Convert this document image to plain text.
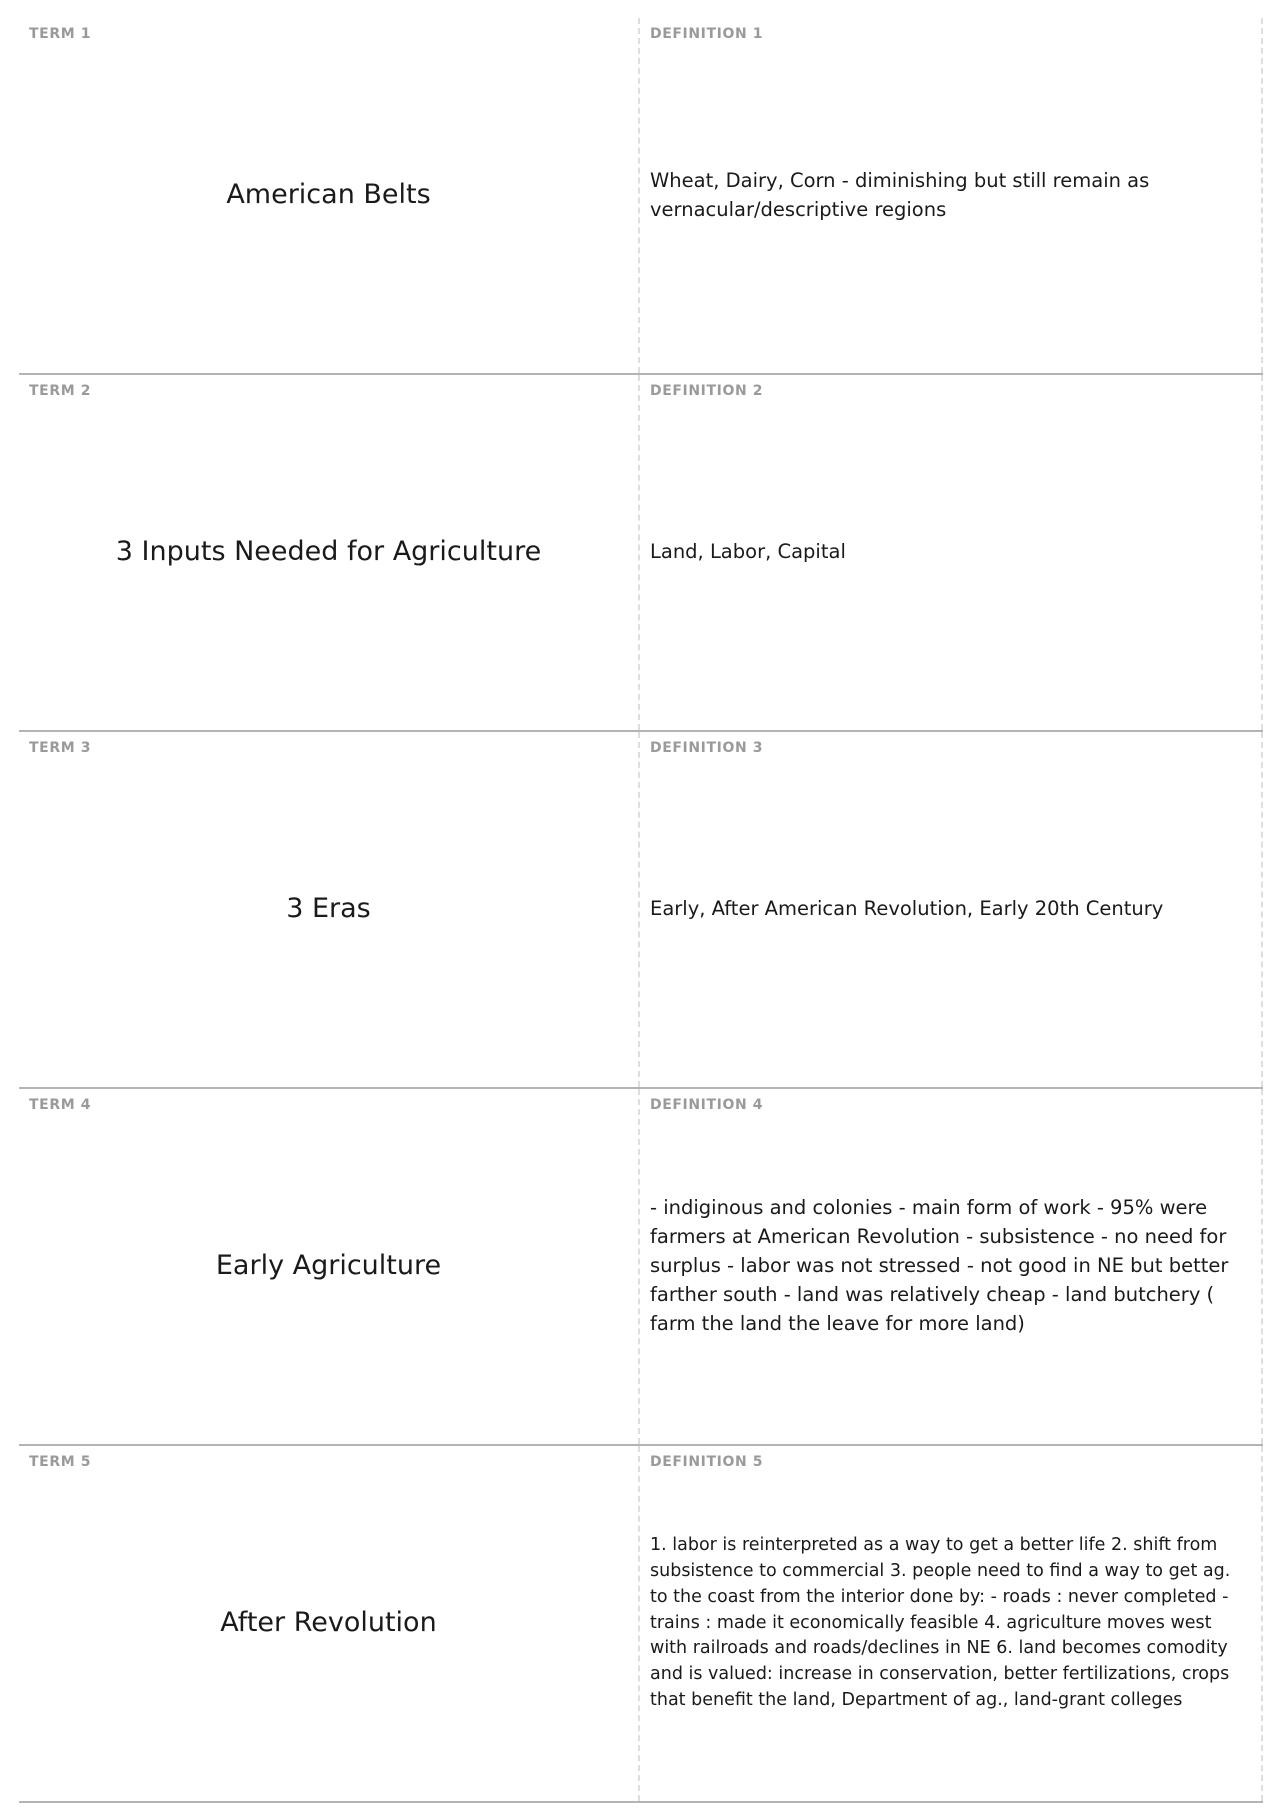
TERM 1
American Belts
DEFINITION 1
Wheat, Dairy, Corn - diminishing but still remain as vernacular/descriptive regions
TERM 2
3 Inputs Needed for Agriculture
DEFINITION 2
Land, Labor, Capital
TERM 3
3 Eras
DEFINITION 3
Early, After American Revolution, Early 20th Century
TERM 4
Early Agriculture
DEFINITION 4
- indiginous and colonies - main form of work - 95% were farmers at American Revolution - subsistence - no need for surplus - labor was not stressed - not good in NE but better farther south - land was relatively cheap - land butchery ( farm the land the leave for more land)
TERM 5
After Revolution
DEFINITION 5
1. labor is reinterpreted as a way to get a better life 2. shift from subsistence to commercial 3. people need to find a way to get ag. to the coast from the interior done by: - roads : never completed - trains : made it economically feasible 4. agriculture moves west with railroads and roads/declines in NE 6. land becomes comodity and is valued: increase in conservation, better fertilizations, crops that benefit the land, Department of ag., land-grant colleges
